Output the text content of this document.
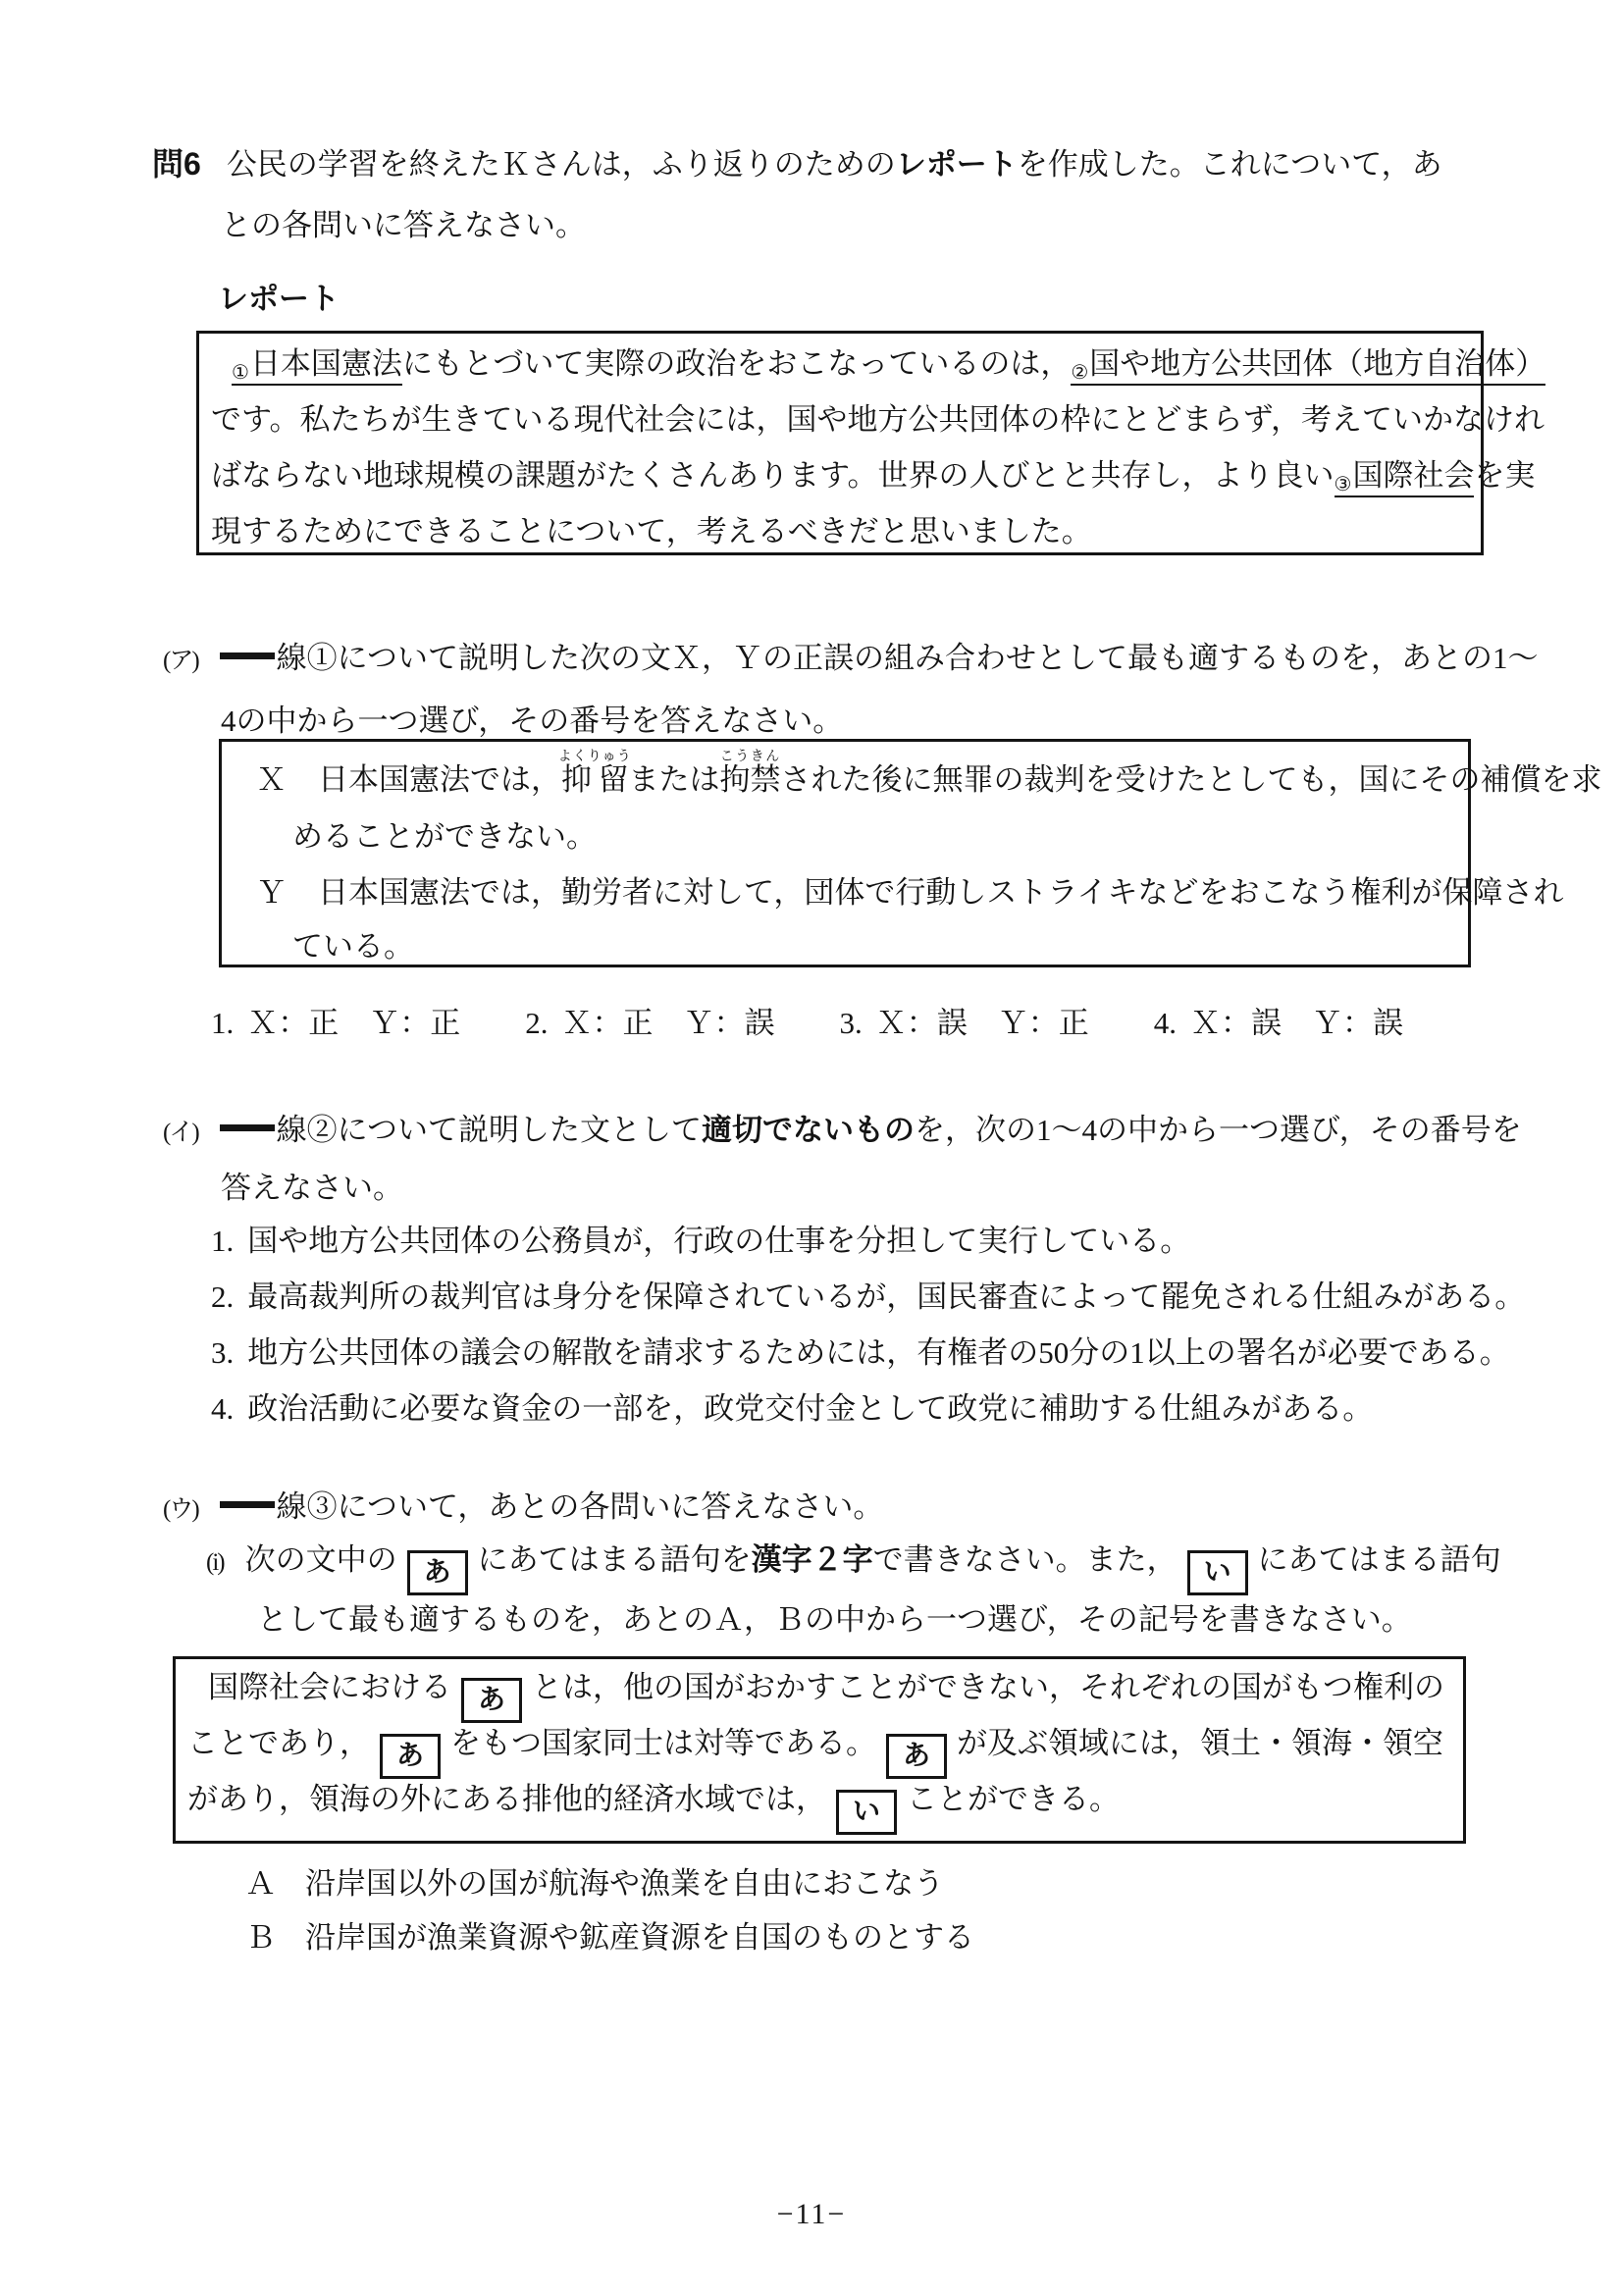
問6 公民の学習を終えたＫさんは，ふり返りのためのレポートを作成した。これについて，あ
との各問いに答えなさい。
レポート
①日本国憲法にもとづいて実際の政治をおこなっているのは，②国や地方公共団体（地方自治体）
です。私たちが生きている現代社会には，国や地方公共団体の枠にとどまらず，考えていかなけれ
ばならない地球規模の課題がたくさんあります。世界の人びとと共存し，より良い③国際社会を実
現するためにできることについて，考えるべきだと思いました。
(ア)	線①について説明した次の文Ｘ，Ｙの正誤の組み合わせとして最も適するものを，あとの1～
4の中から一つ選び，その番号を答えなさい。
Ｘ 日本国憲法では，抑留よくりゅうまたは拘禁こうきんされた後に無罪の裁判を受けたとしても，国にその補償を求
めることができない。
Ｙ 日本国憲法では，勤労者に対して，団体で行動しストライキなどをおこなう権利が保障され
ている。
1. Ｘ：正　Ｙ：正 2. Ｘ：正　Ｙ：誤 3. Ｘ：誤　Ｙ：正 4. Ｘ：誤　Ｙ：誤
(イ)	線②について説明した文として適切でないものを，次の1～4の中から一つ選び，その番号を
答えなさい。
1. 国や地方公共団体の公務員が，行政の仕事を分担して実行している。
2. 最高裁判所の裁判官は身分を保障されているが，国民審査によって罷免される仕組みがある。
3. 地方公共団体の議会の解散を請求するためには，有権者の50分の1以上の署名が必要である。
4. 政治活動に必要な資金の一部を，政党交付金として政党に補助する仕組みがある。
(ウ)	線③について，あとの各問いに答えなさい。
(i) 次の文中の あ にあてはまる語句を漢字２字で書きなさい。また， い にあてはまる語句
として最も適するものを，あとのＡ，Ｂの中から一つ選び，その記号を書きなさい。
国際社会における あ とは，他の国がおかすことができない，それぞれの国がもつ権利の
ことであり， あ をもつ国家同士は対等である。 あ が及ぶ領域には，領土・領海・領空
があり，領海の外にある排他的経済水域では， い ことができる。
Ａ 沿岸国以外の国が航海や漁業を自由におこなう
Ｂ 沿岸国が漁業資源や鉱産資源を自国のものとする
−11−
